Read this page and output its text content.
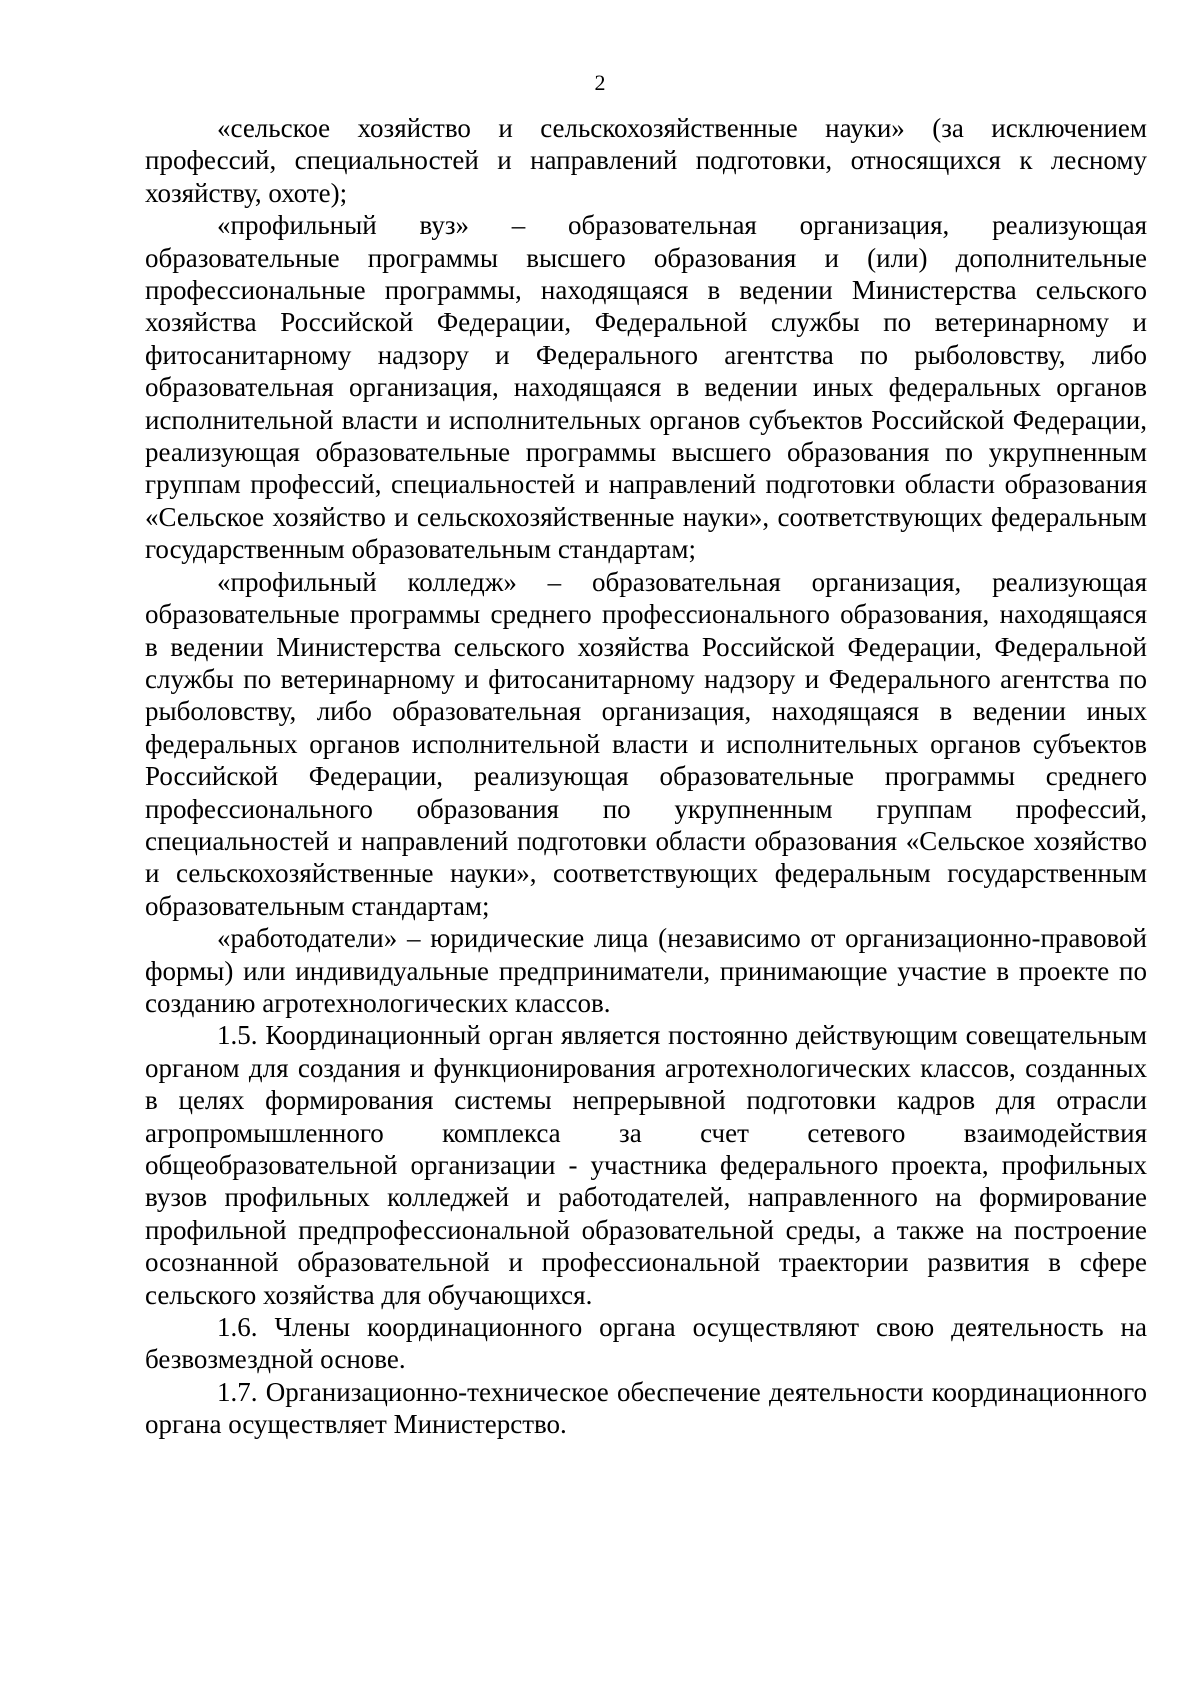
2

«сельское хозяйство и сельскохозяйственные науки» (за исключением профессий, специальностей и направлений подготовки, относящихся к лесному хозяйству, охоте);

«профильный вуз» – образовательная организация, реализующая образовательные программы высшего образования и (или) дополнительные профессиональные программы, находящаяся в ведении Министерства сельского хозяйства Российской Федерации, Федеральной службы по ветеринарному и фитосанитарному надзору и Федерального агентства по рыболовству, либо образовательная организация, находящаяся в ведении иных федеральных органов исполнительной власти и исполнительных органов субъектов Российской Федерации, реализующая образовательные программы высшего образования по укрупненным группам профессий, специальностей и направлений подготовки области образования «Сельское хозяйство и сельскохозяйственные науки», соответствующих федеральным государственным образовательным стандартам;

«профильный колледж» – образовательная организация, реализующая образовательные программы среднего профессионального образования, находящаяся в ведении Министерства сельского хозяйства Российской Федерации, Федеральной службы по ветеринарному и фитосанитарному надзору и Федерального агентства по рыболовству, либо образовательная организация, находящаяся в ведении иных федеральных органов исполнительной власти и исполнительных органов субъектов Российской Федерации, реализующая образовательные программы среднего профессионального образования по укрупненным группам профессий, специальностей и направлений подготовки области образования «Сельское хозяйство и сельскохозяйственные науки», соответствующих федеральным государственным образовательным стандартам;

«работодатели» – юридические лица (независимо от организационно-правовой формы) или индивидуальные предприниматели, принимающие участие в проекте по созданию агротехнологических классов.

1.5. Координационный орган является постоянно действующим совещательным органом для создания и функционирования агротехнологических классов, созданных в целях формирования системы непрерывной подготовки кадров для отрасли агропромышленного комплекса за счет сетевого взаимодействия общеобразовательной организации - участника федерального проекта, профильных вузов профильных колледжей и работодателей, направленного на формирование профильной предпрофессиональной образовательной среды, а также на построение осознанной образовательной и профессиональной траектории развития в сфере сельского хозяйства для обучающихся.

1.6. Члены координационного органа осуществляют свою деятельность на безвозмездной основе.

1.7. Организационно-техническое обеспечение деятельности координационного органа осуществляет Министерство.
